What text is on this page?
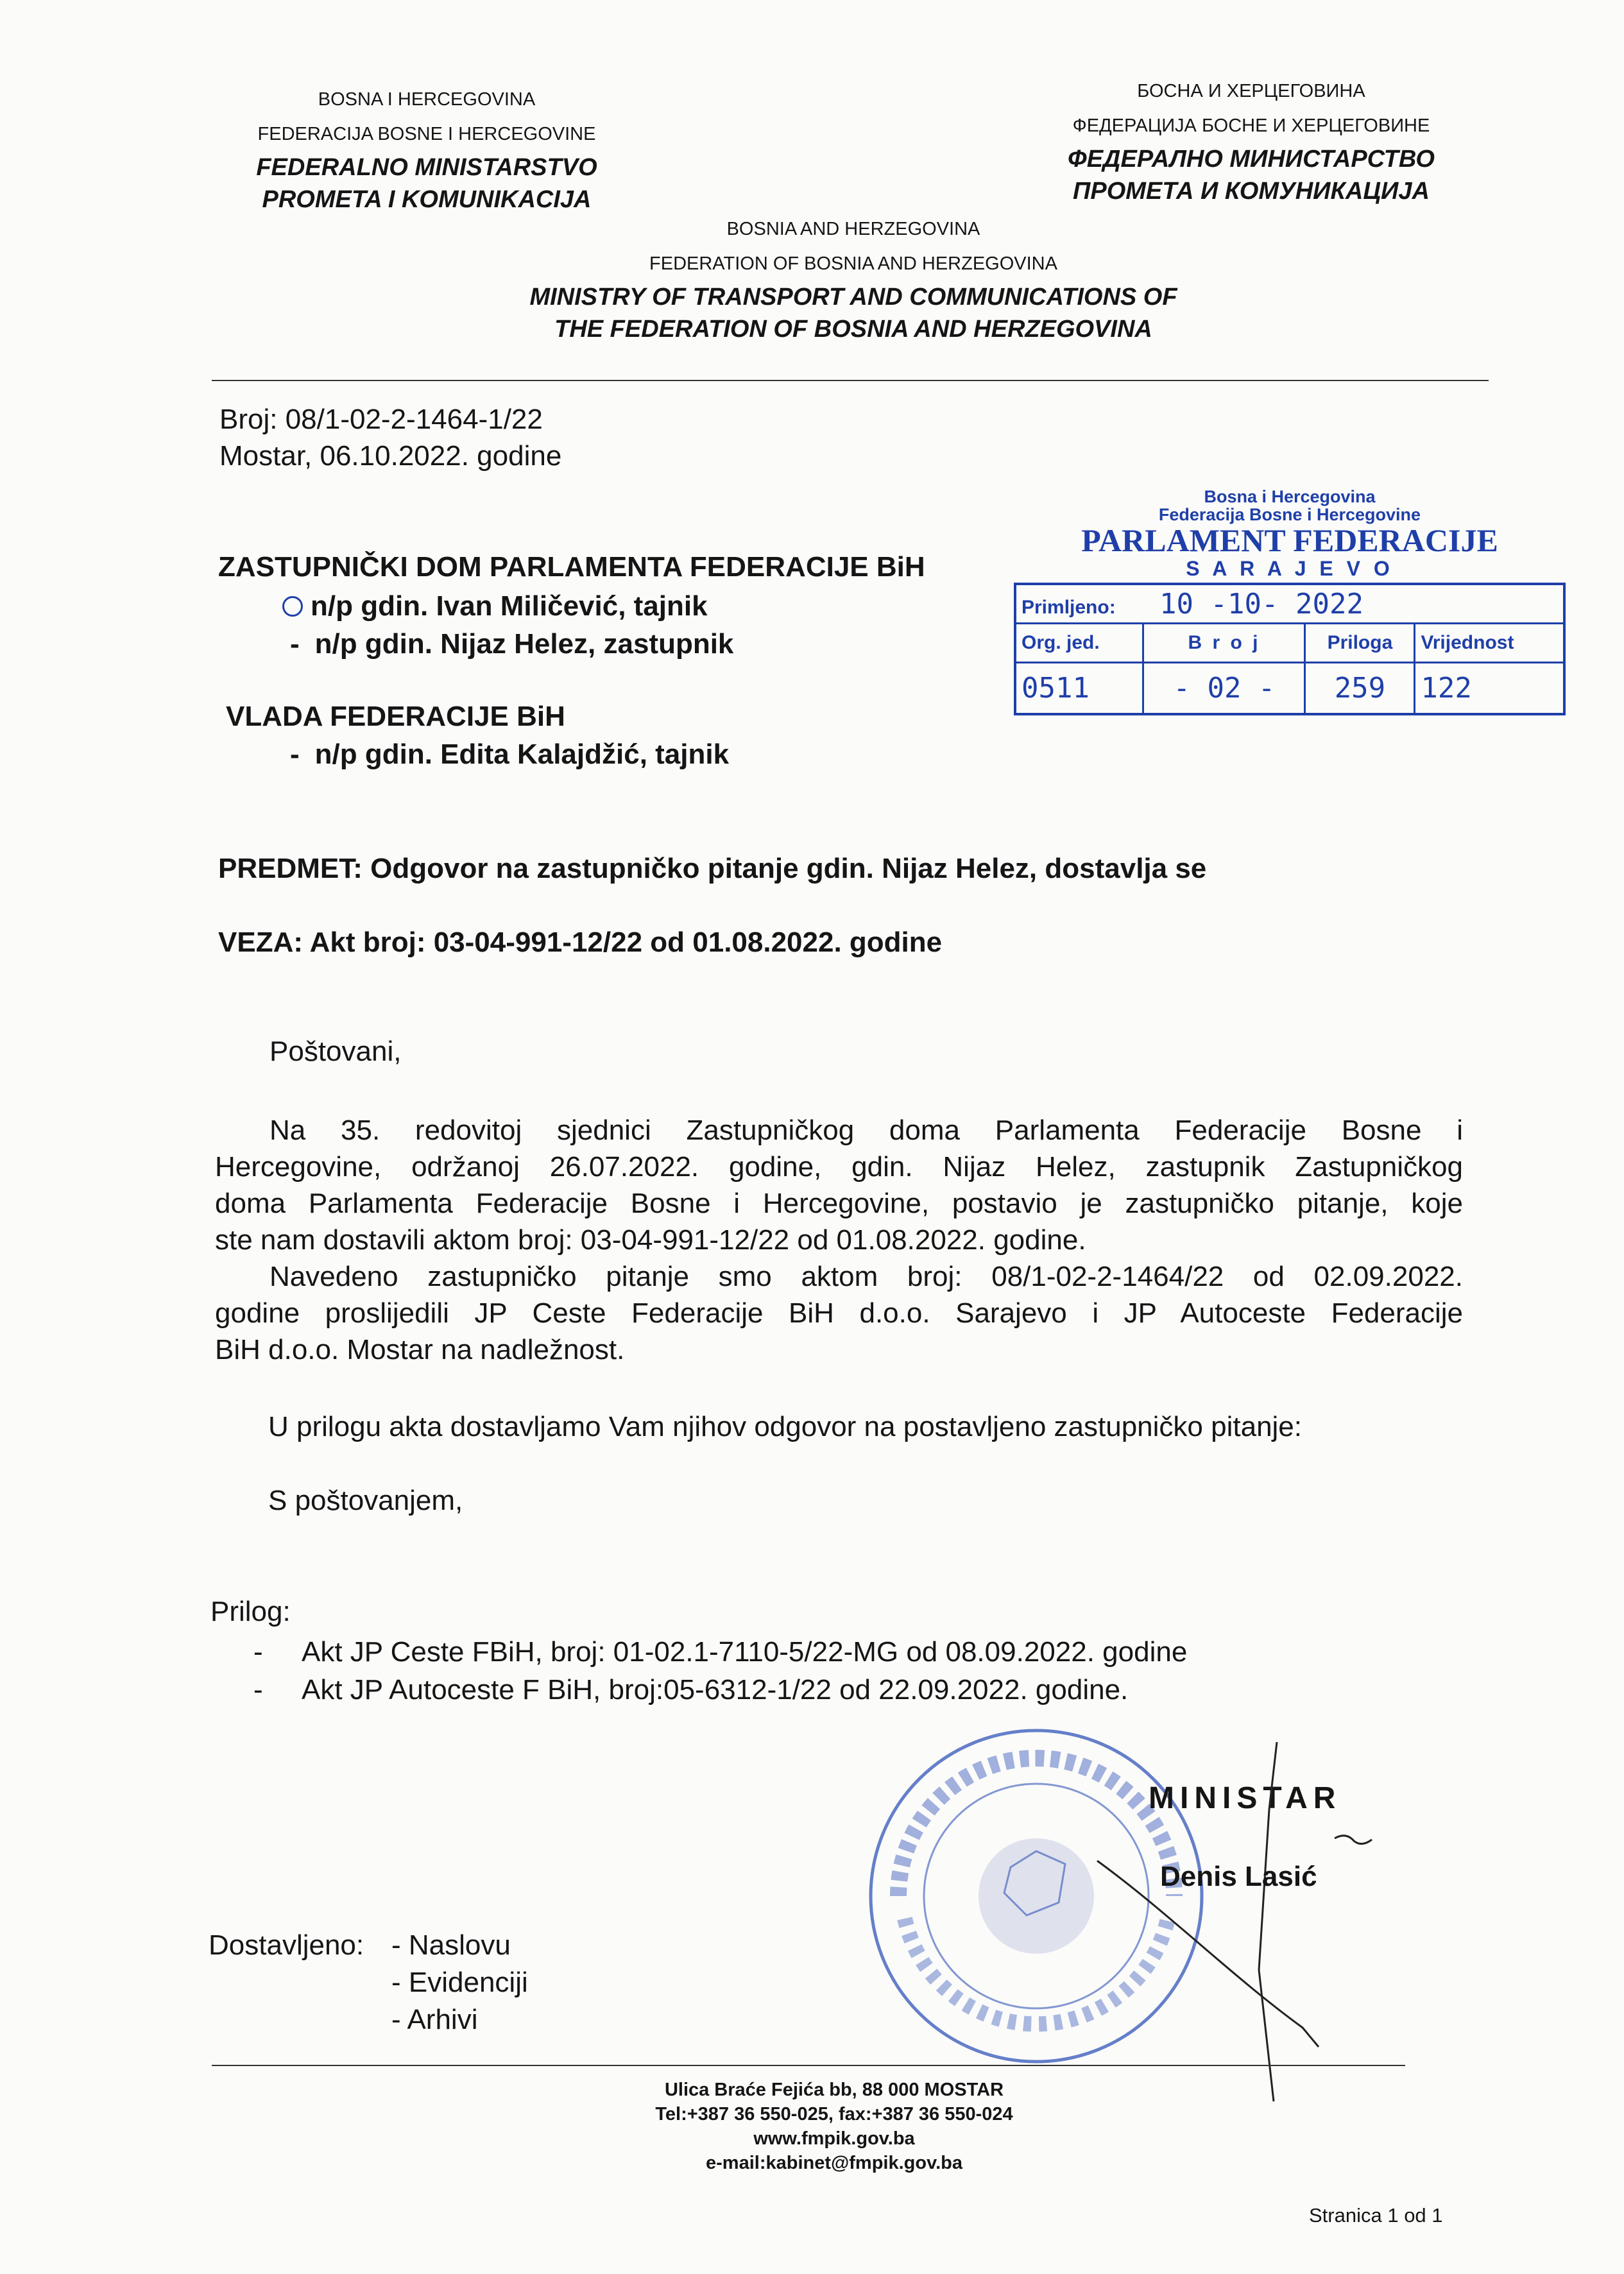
BOSNA I HERCEGOVINA
FEDERACIJA BOSNE I HERCEGOVINE
FEDERALNO MINISTARSTVO
PROMETA I KOMUNIKACIJA
БОСНА И ХЕРЦЕГОВИНА
ФЕДЕРАЦИЈА БОСНЕ И ХЕРЦЕГОВИНЕ
ФЕДЕРАЛНО МИНИСТАРСТВО
ПРОМЕТА И КОМУНИКАЦИЈА
BOSNIA AND HERZEGOVINA
FEDERATION OF BOSNIA AND HERZEGOVINA
MINISTRY OF TRANSPORT AND COMMUNICATIONS OF
THE FEDERATION OF BOSNIA AND HERZEGOVINA
Broj: 08/1-02-2-1464-1/22
Mostar, 06.10.2022. godine
ZASTUPNIČKI DOM PARLAMENTA FEDERACIJE BiH
n/p gdin. Ivan Miličević, tajnik
- n/p gdin. Nijaz Helez, zastupnik
VLADA FEDERACIJE BiH
- n/p gdin. Edita Kalajdžić, tajnik
Bosna i Hercegovina
Federacija Bosne i Hercegovine
PARLAMENT FEDERACIJE
S A R A J E V O
Primljeno: 10 -10- 2022			
Org. jed.	B r o j	Priloga	Vrijednost
0511	- 02 -	259	122
PREDMET: Odgovor na zastupničko pitanje gdin. Nijaz Helez, dostavlja se
VEZA: Akt broj: 03-04-991-12/22 od 01.08.2022. godine
Poštovani,
Na 35. redovitoj sjednici Zastupničkog doma Parlamenta Federacije Bosne i
Hercegovine, održanoj 26.07.2022. godine, gdin. Nijaz Helez, zastupnik Zastupničkog
doma Parlamenta Federacije Bosne i Hercegovine, postavio je zastupničko pitanje, koje
ste nam dostavili aktom broj: 03-04-991-12/22 od 01.08.2022. godine.
Navedeno zastupničko pitanje smo aktom broj: 08/1-02-2-1464/22 od 02.09.2022.
godine proslijedili JP Ceste Federacije BiH d.o.o. Sarajevo i JP Autoceste Federacije
BiH d.o.o. Mostar na nadležnost.
U prilogu akta dostavljamo Vam njihov odgovor na postavljeno zastupničko pitanje:
S poštovanjem,
Prilog:
- Akt JP Ceste FBiH, broj: 01-02.1-7110-5/22-MG od 08.09.2022. godine
- Akt JP Autoceste F BiH, broj:05-6312-1/22 od 22.09.2022. godine.
MINISTAR
Denis Lasić
Dostavljeno: - Naslovu
- Evidenciji
- Arhivi
Ulica Braće Fejića bb, 88 000 MOSTAR
Tel:+387 36 550-025, fax:+387 36 550-024
www.fmpik.gov.ba
e-mail:kabinet@fmpik.gov.ba
Stranica 1 od 1
